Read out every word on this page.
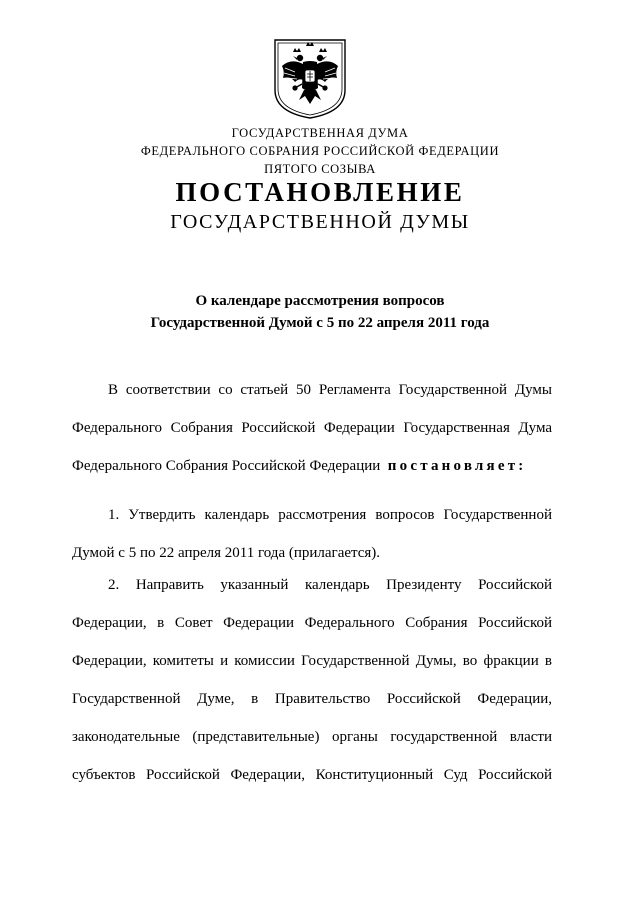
ГОСУДАРСТВЕННАЯ ДУМА
ФЕДЕРАЛЬНОГО СОБРАНИЯ РОССИЙСКОЙ ФЕДЕРАЦИИ
ПЯТОГО СОЗЫВА
ПОСТАНОВЛЕНИЕ
ГОСУДАРСТВЕННОЙ ДУМЫ
О календаре рассмотрения вопросов
Государственной Думой с 5 по 22 апреля 2011 года
В соответствии со статьей 50 Регламента Государственной Думы
Федерального Собрания Российской Федерации Государственная Дума
Федерального Собрания Российской Федерации постановляет:
1. Утвердить календарь рассмотрения вопросов Государственной
Думой с 5 по 22 апреля 2011 года (прилагается).
2. Направить указанный календарь Президенту Российской
Федерации, в Совет Федерации Федерального Собрания Российской
Федерации, комитеты и комиссии Государственной Думы, во фракции в
Государственной Думе, в Правительство Российской Федерации,
законодательные (представительные) органы государственной власти
субъектов Российской Федерации, Конституционный Суд Российской
